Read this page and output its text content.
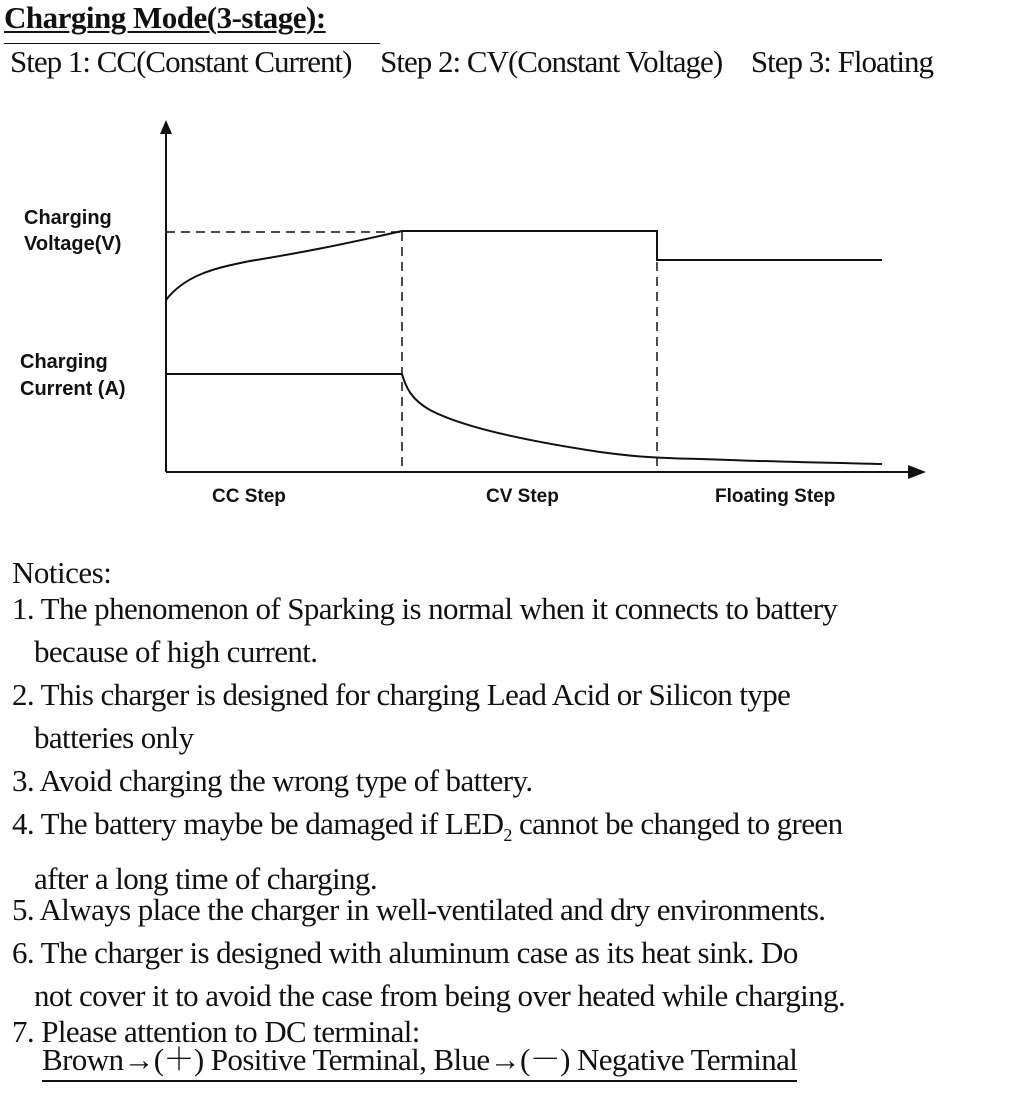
Charging Mode(3-stage):
Step 1: CC(Constant Current) Step 2: CV(Constant Voltage) Step 3: Floating
Charging
Voltage(V)
Charging
Current (A)
CC Step	CV Step	Floating Step
Notices:
1. The phenomenon of Sparking is normal when it connects to battery
because of high current.
2. This charger is designed for charging Lead Acid or Silicon type
batteries only
3. Avoid charging the wrong type of battery.
4. The battery maybe be damaged if $LED_2$ cannot be changed to green
after a long time of charging.
5. Always place the charger in well-ventilated and dry environments.
6. The charger is designed with aluminum case as its heat sink. Do
not cover it to avoid the case from being over heated while charging.
7. Please attention to DC terminal:
Brown→(＋) Positive Terminal, Blue→(－) Negative Terminal
